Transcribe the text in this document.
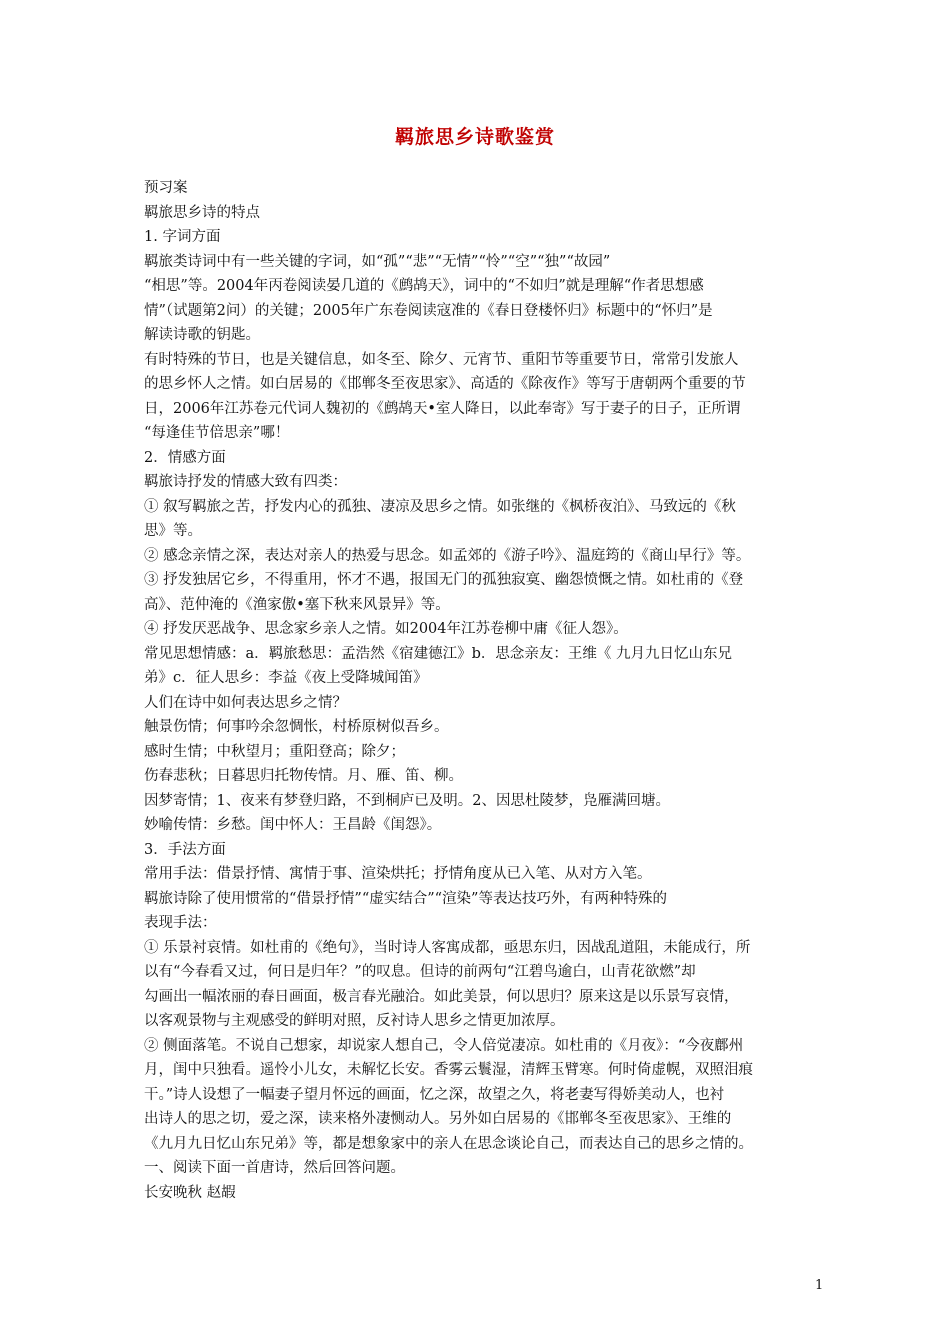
羁旅思乡诗歌鉴赏
预习案
羁旅思乡诗的特点
1. 字词方面
羁旅类诗词中有一些关键的字词，如“孤”“悲”“无情”“怜”“空”“独”“故园”
“相思”等。2004年丙卷阅读晏几道的《鹧鸪天》，词中的“不如归”就是理解“作者思想感
情”（试题第2问）的关键；2005年广东卷阅读寇准的《春日登楼怀归》标题中的“怀归”是
解读诗歌的钥匙。
有时特殊的节日，也是关键信息，如冬至、除夕、元宵节、重阳节等重要节日，常常引发旅人
的思乡怀人之情。如白居易的《邯郸冬至夜思家》、高适的《除夜作》等写于唐朝两个重要的节
日，2006年江苏卷元代词人魏初的《鹧鸪天•室人降日，以此奉寄》写于妻子的日子，正所谓
“每逢佳节倍思亲”哪！
2．情感方面
羁旅诗抒发的情感大致有四类：
① 叙写羁旅之苦，抒发内心的孤独、凄凉及思乡之情。如张继的《枫桥夜泊》、马致远的《秋
思》等。
② 感念亲情之深，表达对亲人的热爱与思念。如孟郊的《游子吟》、温庭筠的《商山早行》等。
③ 抒发独居它乡，不得重用，怀才不遇，报国无门的孤独寂寞、幽怨愤慨之情。如杜甫的《登
高》、范仲淹的《渔家傲•塞下秋来风景异》等。
④ 抒发厌恶战争、思念家乡亲人之情。如2004年江苏卷柳中庸《征人怨》。
常见思想情感：a．羁旅愁思：孟浩然《宿建德江》b．思念亲友：王维《 九月九日忆山东兄
弟》c．征人思乡：李益《夜上受降城闻笛》
人们在诗中如何表达思乡之情？
触景伤情；何事吟余忽惆怅，村桥原树似吾乡。
感时生情；中秋望月；重阳登高；除夕；
伤春悲秋；日暮思归托物传情。月、雁、笛、柳。
因梦寄情；1、夜来有梦登归路，不到桐庐已及明。2、因思杜陵梦，凫雁满回塘。
妙喻传情：乡愁。闺中怀人：王昌龄《闺怨》。
3．手法方面
常用手法：借景抒情、寓情于事、渲染烘托；抒情角度从已入笔、从对方入笔。
羁旅诗除了使用惯常的“借景抒情”“虚实结合”“渲染”等表达技巧外，有两种特殊的
表现手法：
① 乐景衬哀情。如杜甫的《绝句》，当时诗人客寓成都，亟思东归，因战乱道阻，未能成行，所
以有“今春看又过，何日是归年？”的叹息。但诗的前两句“江碧鸟逾白，山青花欲燃”却
勾画出一幅浓丽的春日画面，极言春光融洽。如此美景，何以思归？原来这是以乐景写哀情，
以客观景物与主观感受的鲜明对照，反衬诗人思乡之情更加浓厚。
② 侧面落笔。不说自己想家，却说家人想自己，令人倍觉凄凉。如杜甫的《月夜》：“今夜鄜州
月，闺中只独看。遥怜小儿女，未解忆长安。香雾云鬟湿，清辉玉臂寒。何时倚虚幌，双照泪痕
干。”诗人设想了一幅妻子望月怀远的画面，忆之深，故望之久，将老妻写得娇美动人，也衬
出诗人的思之切，爱之深，读来格外凄恻动人。另外如白居易的《邯郸冬至夜思家》、王维的
《九月九日忆山东兄弟》等，都是想象家中的亲人在思念谈论自己，而表达自己的思乡之情的。
一、阅读下面一首唐诗，然后回答问题。
长安晚秋 赵嘏
1
